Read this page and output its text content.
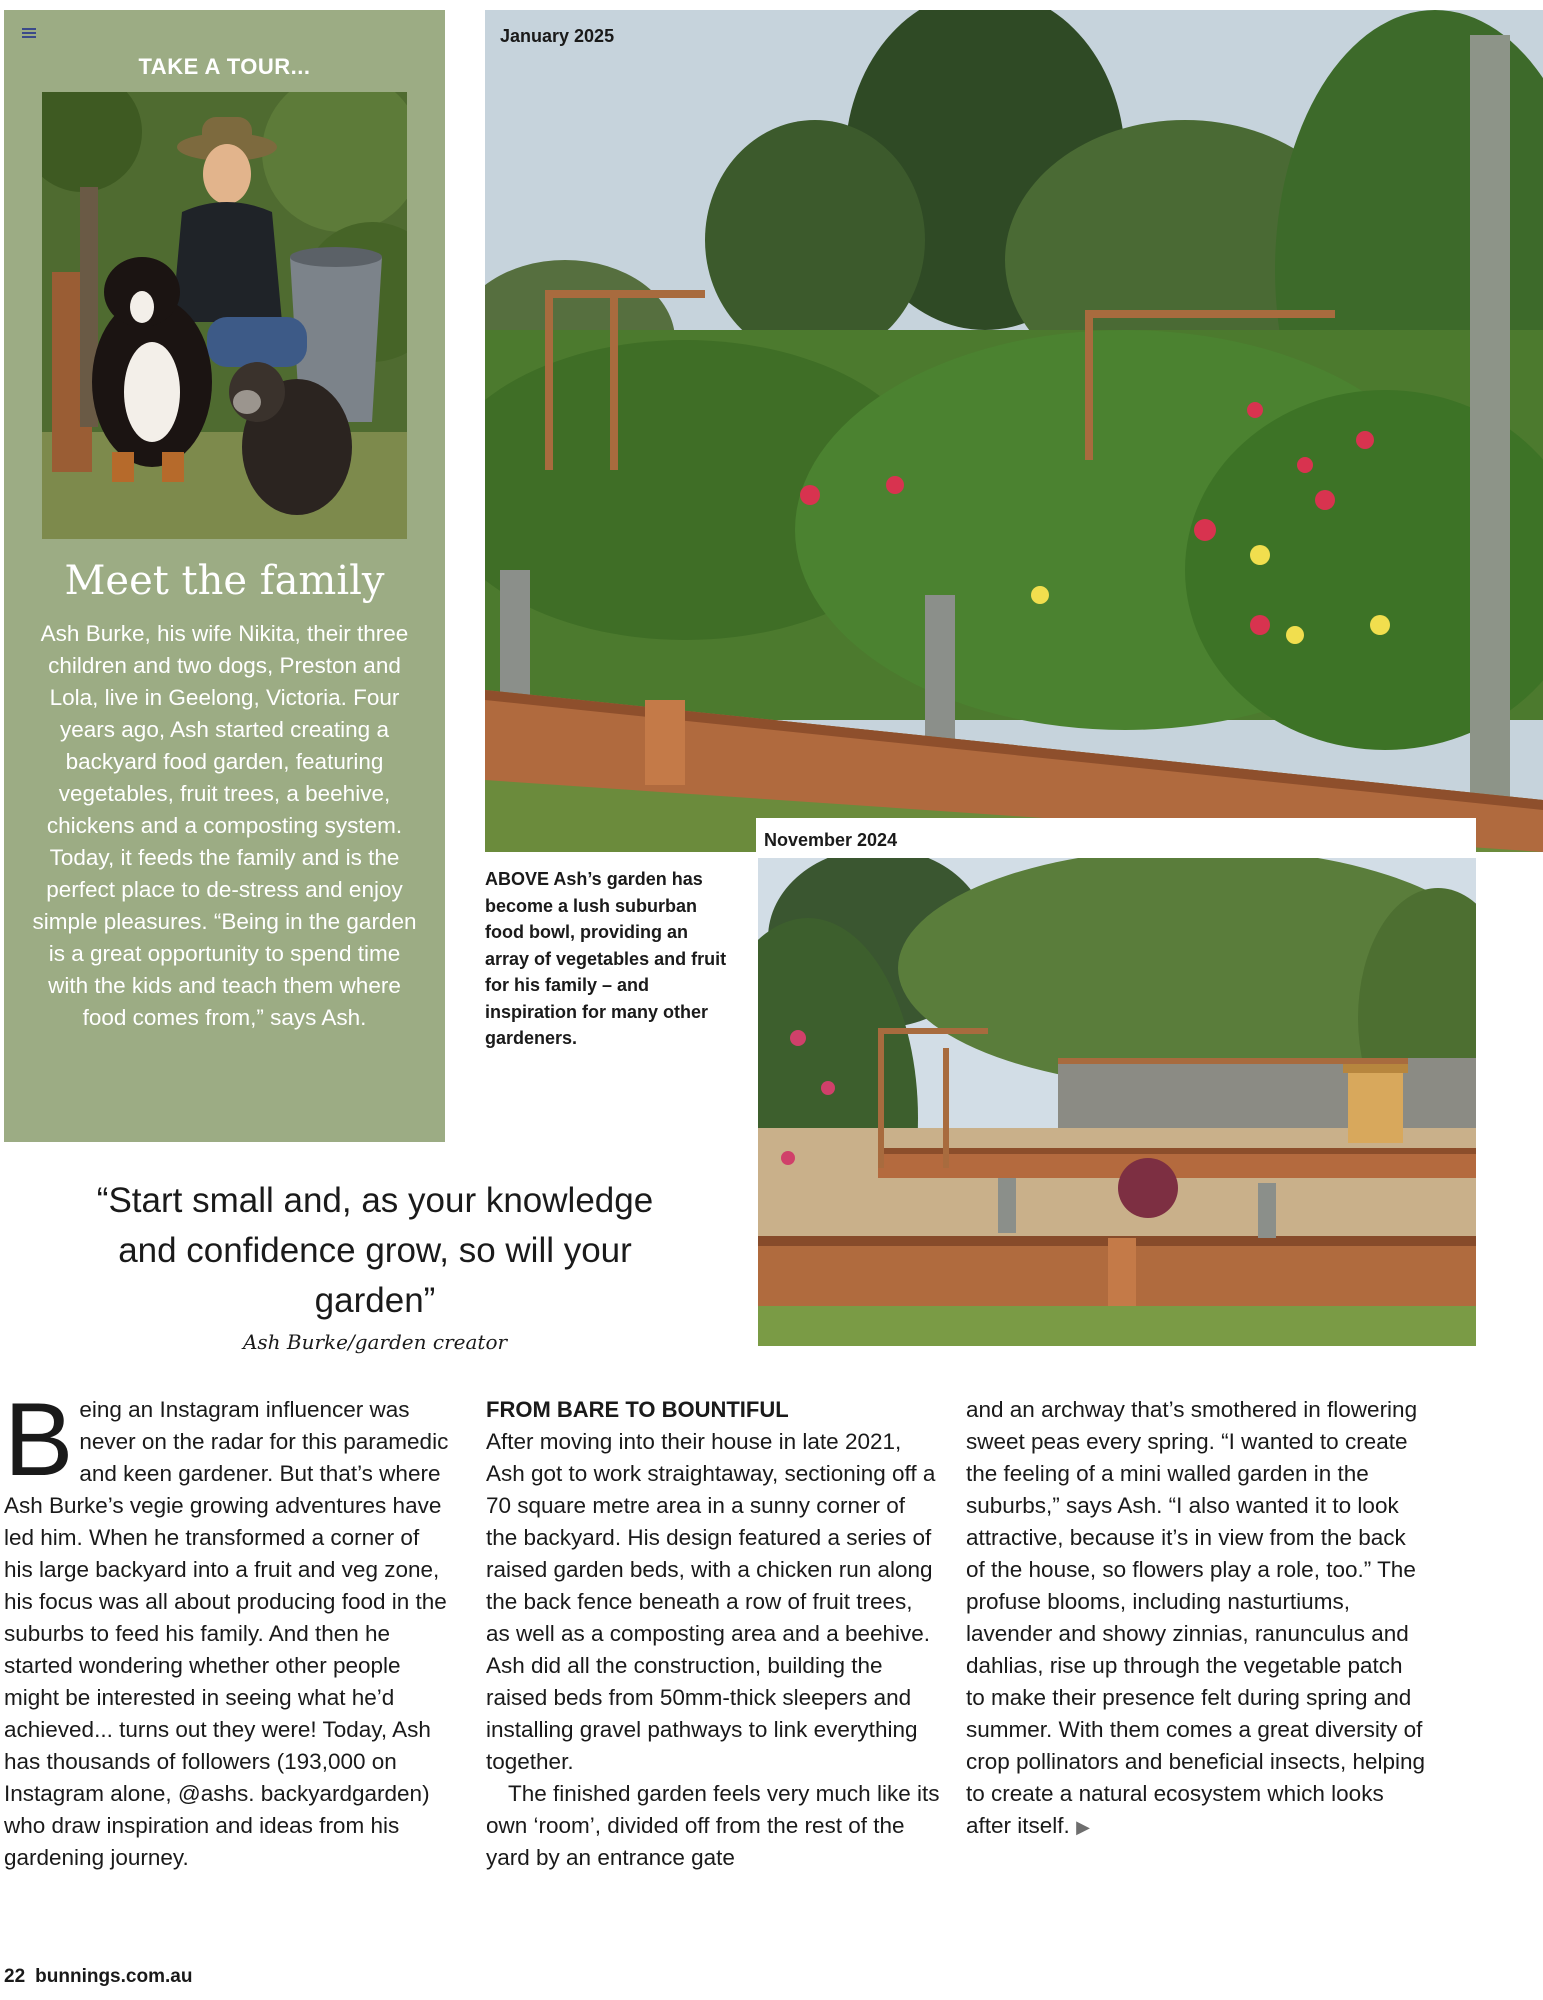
TAKE A TOUR...
Meet the family
Ash Burke, his wife Nikita, their three children and two dogs, Preston and Lola, live in Geelong, Victoria. Four years ago, Ash started creating a backyard food garden, featuring vegetables, fruit trees, a beehive, chickens and a composting system. Today, it feeds the family and is the perfect place to de-stress and enjoy simple pleasures. “Being in the garden is a great opportunity to spend time with the kids and teach them where food comes from,” says Ash.
January 2025
ABOVE Ash’s garden has become a lush suburban food bowl, providing an array of vegetables and fruit for his family – and inspiration for many other gardeners.
November 2024
“Start small and, as your knowledge and confidence grow, so will your garden”
Ash Burke/garden creator
B eing an Instagram influencer was never on the radar for this paramedic and keen gardener. But that’s where Ash Burke’s vegie growing adventures have led him. When he transformed a corner of his large backyard into a fruit and veg zone, his focus was all about producing food in the suburbs to feed his family. And then he started wondering whether other people might be interested in seeing what he’d achieved... turns out they were! Today, Ash has thousands of followers (193,000 on Instagram alone, @ashs. backyardgarden) who draw inspiration and ideas from his gardening journey.
FROM BARE TO BOUNTIFUL
After moving into their house in late 2021, Ash got to work straightaway, sectioning off a 70 square metre area in a sunny corner of the backyard. His design featured a series of raised garden beds, with a chicken run along the back fence beneath a row of fruit trees, as well as a composting area and a beehive. Ash did all the construction, building the raised beds from 50mm-thick sleepers and installing gravel pathways to link everything together.
The finished garden feels very much like its own ‘room’, divided off from the rest of the yard by an entrance gate
and an archway that’s smothered in flowering sweet peas every spring. “I wanted to create the feeling of a mini walled garden in the suburbs,” says Ash. “I also wanted it to look attractive, because it’s in view from the back of the house, so flowers play a role, too.” The profuse blooms, including nasturtiums, lavender and showy zinnias, ranunculus and dahlias, rise up through the vegetable patch to make their presence felt during spring and summer. With them comes a great diversity of crop pollinators and beneficial insects, helping to create a natural ecosystem which looks after itself. ▶
22 bunnings.com.au
